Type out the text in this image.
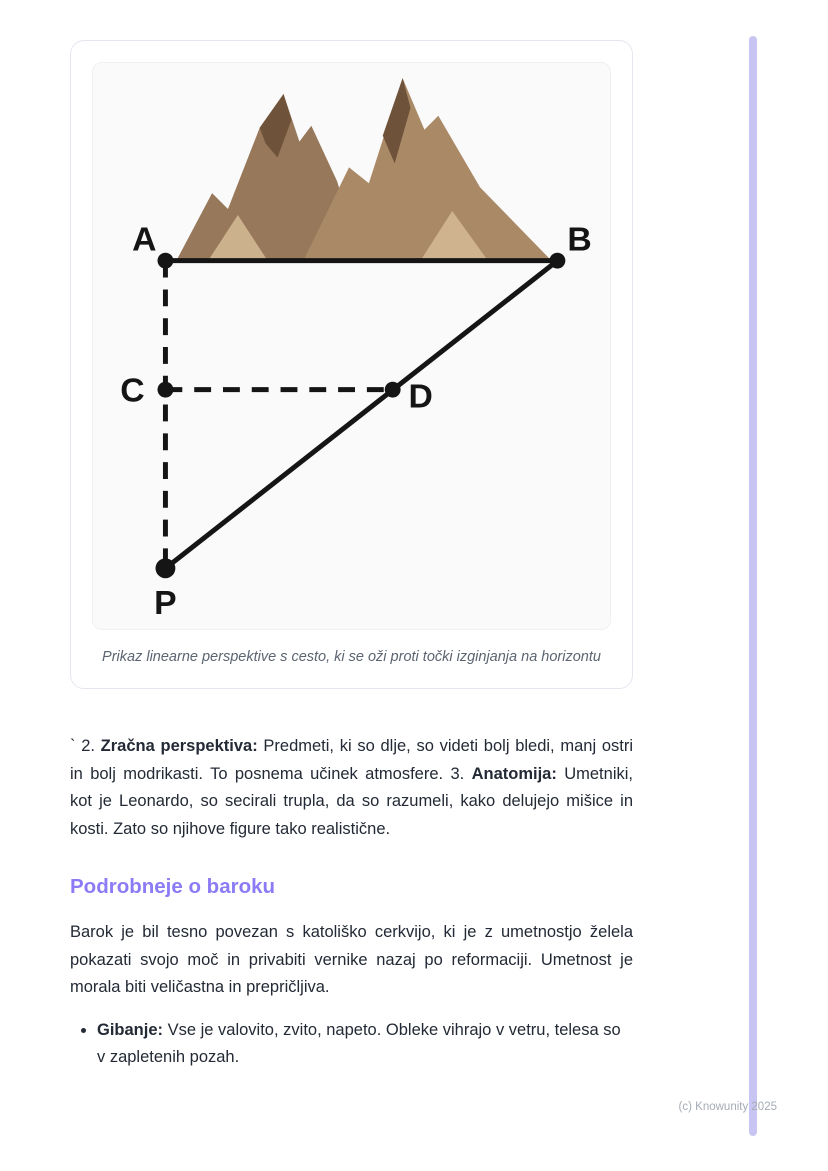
A	B
C	D
P
Prikaz linearne perspektive s cesto, ki se oži proti točki izginjanja na horizontu

` 2. Zračna perspektiva: Predmeti, ki so dlje, so videti bolj bledi, manj ostri in bolj modrikasti. To posnema učinek atmosfere. 3. Anatomija: Umetniki, kot je Leonardo, so secirali trupla, da so razumeli, kako delujejo mišice in kosti. Zato so njihove figure tako realistične.

Podrobneje o baroku

Barok je bil tesno povezan s katoliško cerkvijo, ki je z umetnostjo želela pokazati svojo moč in privabiti vernike nazaj po reformaciji. Umetnost je morala biti veličastna in prepričljiva.

• Gibanje: Vse je valovito, zvito, napeto. Obleke vihrajo v vetru, telesa so v zapletenih pozah.
(c) Knowunity 2025
